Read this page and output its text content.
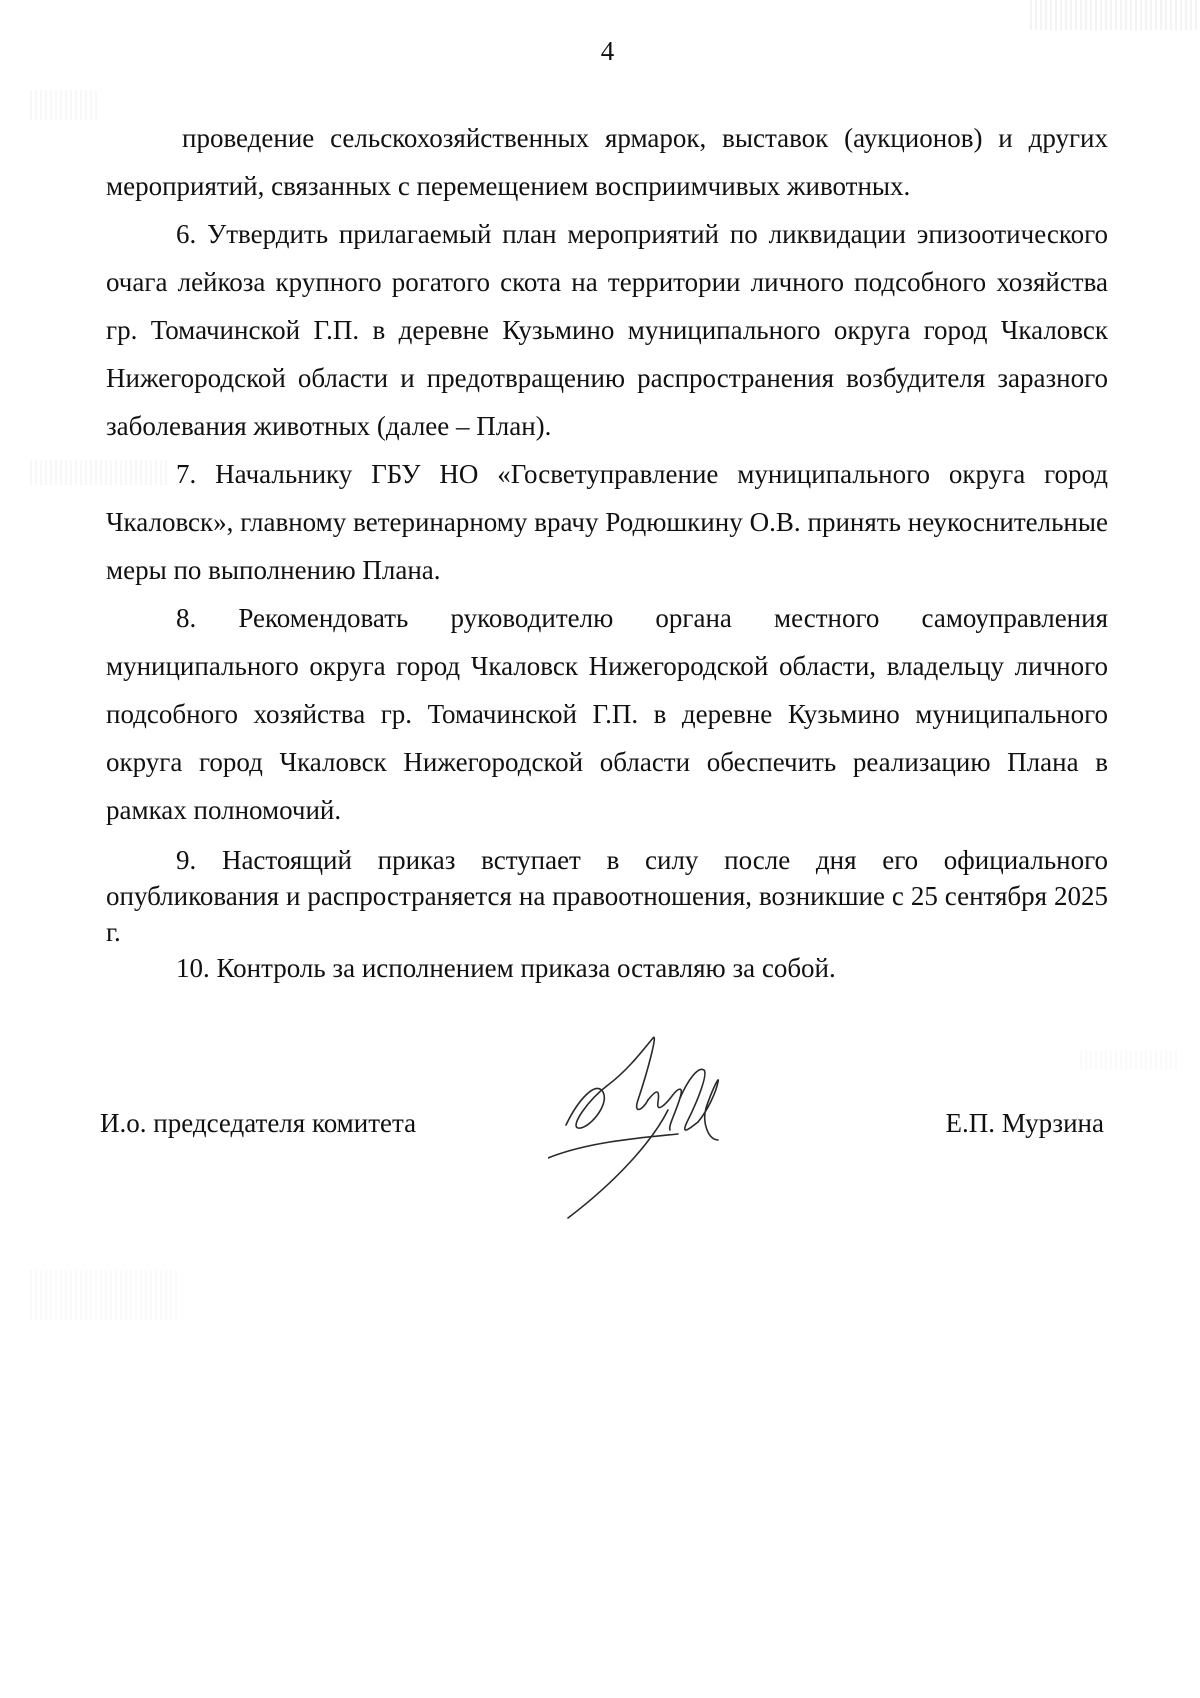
4

проведение сельскохозяйственных ярмарок, выставок (аукционов) и других мероприятий, связанных с перемещением восприимчивых животных.

6. Утвердить прилагаемый план мероприятий по ликвидации эпизоотического очага лейкоза крупного рогатого скота на территории личного подсобного хозяйства гр. Томачинской Г.П. в деревне Кузьмино муниципального округа город Чкаловск Нижегородской области и предотвращению распространения возбудителя заразного заболевания животных (далее – План).

7. Начальнику ГБУ НО «Госветуправление муниципального округа город Чкаловск», главному ветеринарному врачу Родюшкину О.В. принять неукоснительные меры по выполнению Плана.

8. Рекомендовать руководителю органа местного самоуправления муниципального округа город Чкаловск Нижегородской области, владельцу личного подсобного хозяйства гр. Томачинской Г.П. в деревне Кузьмино муниципального округа город Чкаловск Нижегородской области обеспечить реализацию Плана в рамках полномочий.

9. Настоящий приказ вступает в силу после дня его официального опубликования и распространяется на правоотношения, возникшие с 25 сентября 2025 г.

10. Контроль за исполнением приказа оставляю за собой.

И.о. председателя комитета	Е.П. Мурзина
